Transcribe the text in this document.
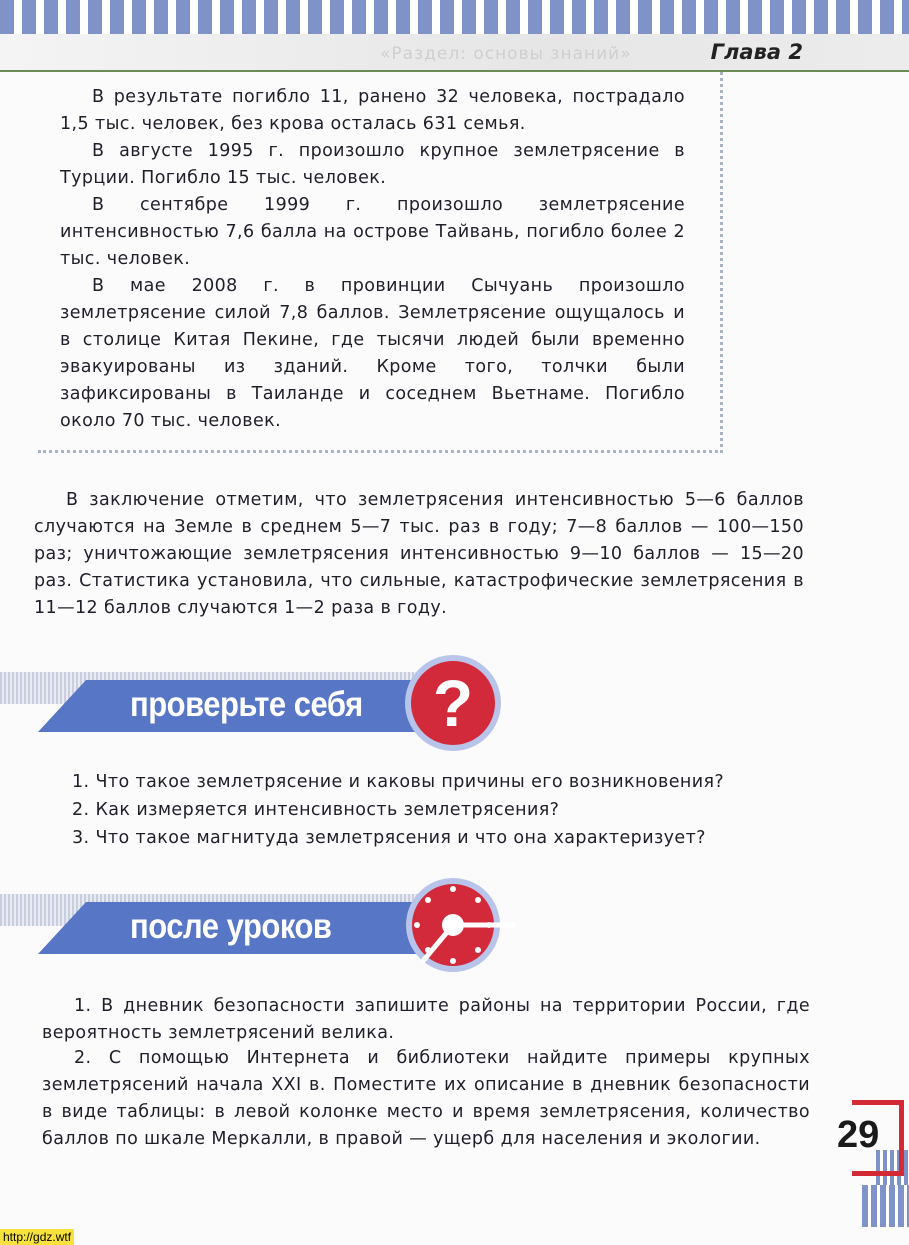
«Раздел: основы знаний»	Глава 2

В результате погибло 11, ранено 32 человека, пострадало 1,5 тыс. человек, без крова осталась 631 семья.

В августе 1995 г. произошло крупное землетрясение в Турции. Погибло 15 тыс. человек.

В сентябре 1999 г. произошло землетрясение интенсивностью 7,6 балла на острове Тайвань, погибло более 2 тыс. человек.

В мае 2008 г. в провинции Сычуань произошло землетрясение силой 7,8 баллов. Землетрясение ощущалось и в столице Китая Пекине, где тысячи людей были временно эвакуированы из зданий. Кроме того, толчки были зафиксированы в Таиланде и соседнем Вьетнаме. Погибло около 70 тыс. человек.

В заключение отметим, что землетрясения интенсивностью 5—6 баллов случаются на Земле в среднем 5—7 тыс. раз в году; 7—8 баллов — 100—150 раз; уничтожающие землетрясения интенсивностью 9—10 баллов — 15—20 раз. Статистика установила, что сильные, катастрофические землетрясения в 11—12 баллов случаются 1—2 раза в году.

проверьте себя	?
1. Что такое землетрясение и каковы причины его возникновения?
2. Как измеряется интенсивность землетрясения?
3. Что такое магнитуда землетрясения и что она характеризует?
после уроков

1. В дневник безопасности запишите районы на территории России, где вероятность землетрясений велика.

2. С помощью Интернета и библиотеки найдите примеры крупных землетрясений начала XXI в. Поместите их описание в дневник безопасности в виде таблицы: в левой колонке место и время землетрясения, количество баллов по шкале Меркалли, в правой — ущерб для населения и экологии.	29
http://gdz.wtf
